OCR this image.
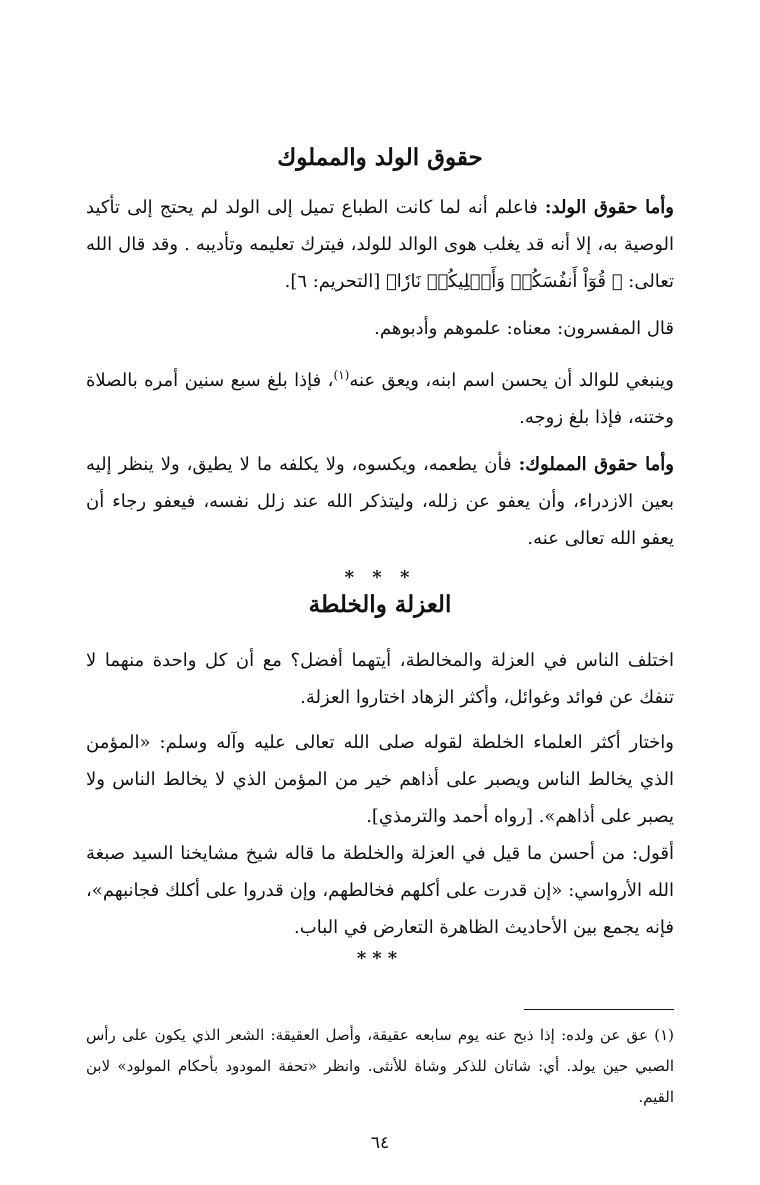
حقوق الولد والمملوك

وأما حقوق الولد: فاعلم أنه لما كانت الطباع تميل إلى الولد لم يحتج إلى تأكيد الوصية به، إلا أنه قد يغلب هوى الوالد للولد، فيترك تعليمه وتأديبه . وقد قال الله تعالى: ﴿ قُوٓاْ أَنفُسَكُمۡ وَأَهۡلِيكُمۡ نَارٗا﴾ [التحريم: ٦].

قال المفسرون: معناه: علموهم وأدبوهم.

وينبغي للوالد أن يحسن اسم ابنه، ويعق عنه$^{(١)}$، فإذا بلغ سبع سنين أمره بالصلاة وختنه، فإذا بلغ زوجه.

وأما حقوق المملوك: فأن يطعمه، ويكسوه، ولا يكلفه ما لا يطيق، ولا ينظر إليه بعين الازدراء، وأن يعفو عن زلله، وليتذكر الله عند زلل نفسه، فيعفو رجاء أن يعفو الله تعالى عنه.

* * *

العزلة والخلطة

اختلف الناس في العزلة والمخالطة، أيتهما أفضل؟ مع أن كل واحدة منهما لا تنفك عن فوائد وغوائل، وأكثر الزهاد اختاروا العزلة.

واختار أكثر العلماء الخلطة لقوله صلى الله تعالى عليه وآله وسلم: «المؤمن الذي يخالط الناس ويصبر على أذاهم خير من المؤمن الذي لا يخالط الناس ولا يصبر على أذاهم». [رواه أحمد والترمذي].

أقول: من أحسن ما قيل في العزلة والخلطة ما قاله شيخ مشايخنا السيد صبغة الله الأرواسي: «إن قدرت على أكلهم فخالطهم، وإن قدروا على أكلك فجانبهم»، فإنه يجمع بين الأحاديث الظاهرة التعارض في الباب.

***

(١) عق عن ولده: إذا ذبح عنه يوم سابعه عقيقة، وأصل العقيقة: الشعر الذي يكون على رأس الصبي حين يولد. أي: شاتان للذكر وشاة للأنثى. وانظر «تحفة المودود بأحكام المولود» لابن القيم.

٦٤
